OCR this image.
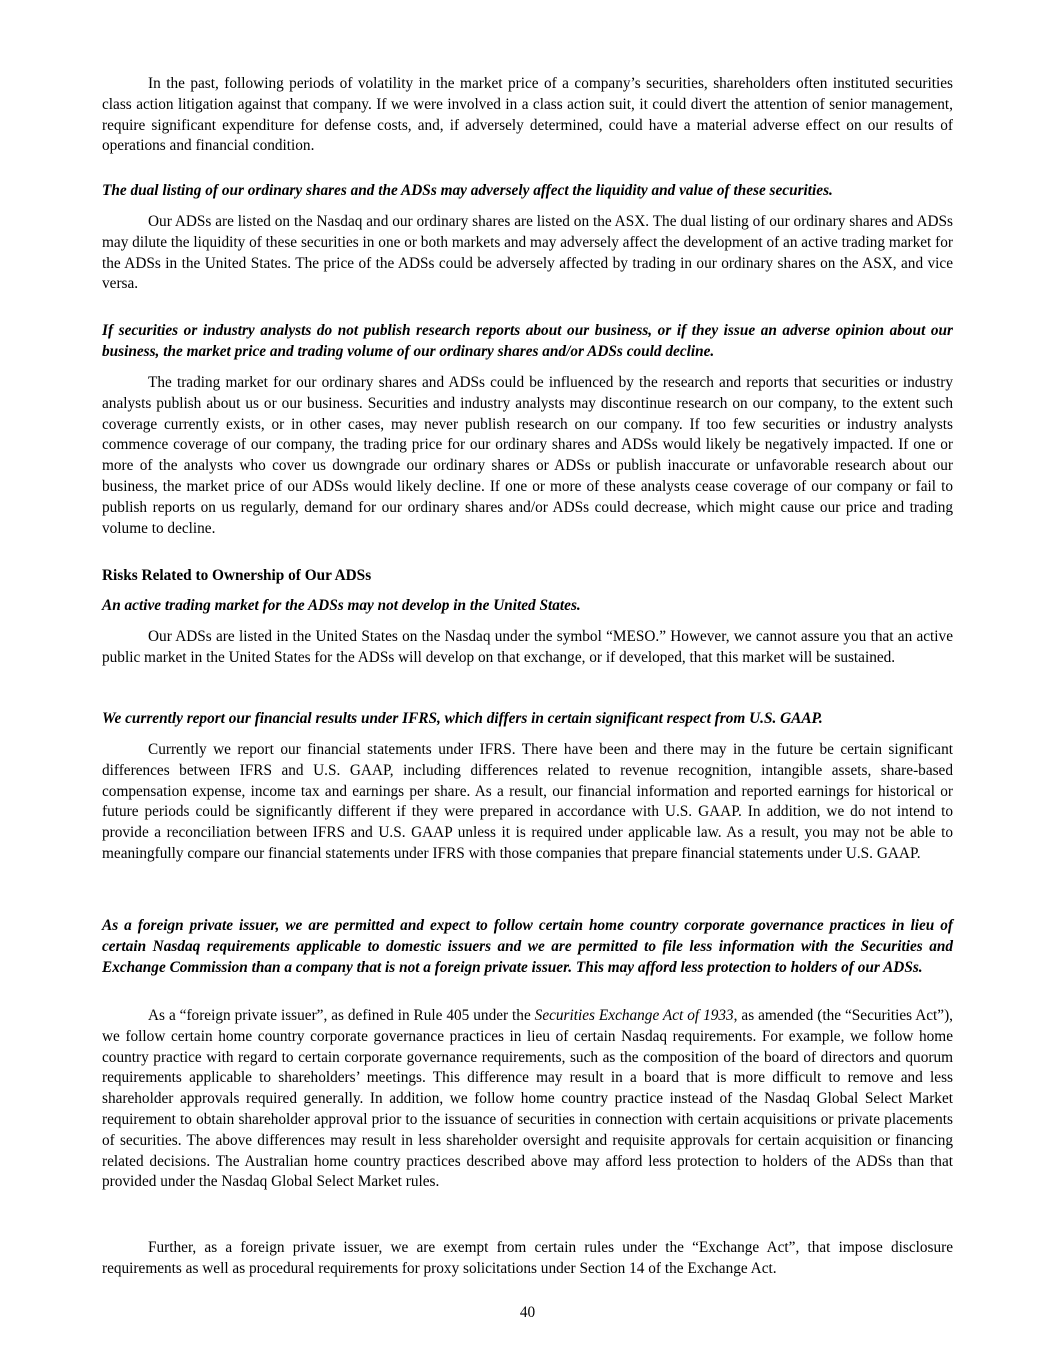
In the past, following periods of volatility in the market price of a company’s securities, shareholders often instituted securities class action litigation against that company. If we were involved in a class action suit, it could divert the attention of senior management, require significant expenditure for defense costs, and, if adversely determined, could have a material adverse effect on our results of operations and financial condition.

The dual listing of our ordinary shares and the ADSs may adversely affect the liquidity and value of these securities.

Our ADSs are listed on the Nasdaq and our ordinary shares are listed on the ASX. The dual listing of our ordinary shares and ADSs may dilute the liquidity of these securities in one or both markets and may adversely affect the development of an active trading market for the ADSs in the United States. The price of the ADSs could be adversely affected by trading in our ordinary shares on the ASX, and vice versa.

If securities or industry analysts do not publish research reports about our business, or if they issue an adverse opinion about our business, the market price and trading volume of our ordinary shares and/or ADSs could decline.

The trading market for our ordinary shares and ADSs could be influenced by the research and reports that securities or industry analysts publish about us or our business. Securities and industry analysts may discontinue research on our company, to the extent such coverage currently exists, or in other cases, may never publish research on our company. If too few securities or industry analysts commence coverage of our company, the trading price for our ordinary shares and ADSs would likely be negatively impacted. If one or more of the analysts who cover us downgrade our ordinary shares or ADSs or publish inaccurate or unfavorable research about our business, the market price of our ADSs would likely decline. If one or more of these analysts cease coverage of our company or fail to publish reports on us regularly, demand for our ordinary shares and/or ADSs could decrease, which might cause our price and trading volume to decline.

Risks Related to Ownership of Our ADSs

An active trading market for the ADSs may not develop in the United States.

Our ADSs are listed in the United States on the Nasdaq under the symbol “MESO.” However, we cannot assure you that an active public market in the United States for the ADSs will develop on that exchange, or if developed, that this market will be sustained.

We currently report our financial results under IFRS, which differs in certain significant respect from U.S. GAAP.

Currently we report our financial statements under IFRS. There have been and there may in the future be certain significant differences between IFRS and U.S. GAAP, including differences related to revenue recognition, intangible assets, share-based compensation expense, income tax and earnings per share. As a result, our financial information and reported earnings for historical or future periods could be significantly different if they were prepared in accordance with U.S. GAAP. In addition, we do not intend to provide a reconciliation between IFRS and U.S. GAAP unless it is required under applicable law. As a result, you may not be able to meaningfully compare our financial statements under IFRS with those companies that prepare financial statements under U.S. GAAP.

As a foreign private issuer, we are permitted and expect to follow certain home country corporate governance practices in lieu of certain Nasdaq requirements applicable to domestic issuers and we are permitted to file less information with the Securities and Exchange Commission than a company that is not a foreign private issuer. This may afford less protection to holders of our ADSs.

As a “foreign private issuer”, as defined in Rule 405 under the Securities Exchange Act of 1933, as amended (the “Securities Act”), we follow certain home country corporate governance practices in lieu of certain Nasdaq requirements. For example, we follow home country practice with regard to certain corporate governance requirements, such as the composition of the board of directors and quorum requirements applicable to shareholders’ meetings. This difference may result in a board that is more difficult to remove and less shareholder approvals required generally. In addition, we follow home country practice instead of the Nasdaq Global Select Market requirement to obtain shareholder approval prior to the issuance of securities in connection with certain acquisitions or private placements of securities. The above differences may result in less shareholder oversight and requisite approvals for certain acquisition or financing related decisions. The Australian home country practices described above may afford less protection to holders of the ADSs than that provided under the Nasdaq Global Select Market rules.

Further, as a foreign private issuer, we are exempt from certain rules under the “Exchange Act”, that impose disclosure requirements as well as procedural requirements for proxy solicitations under Section 14 of the Exchange Act.

40
